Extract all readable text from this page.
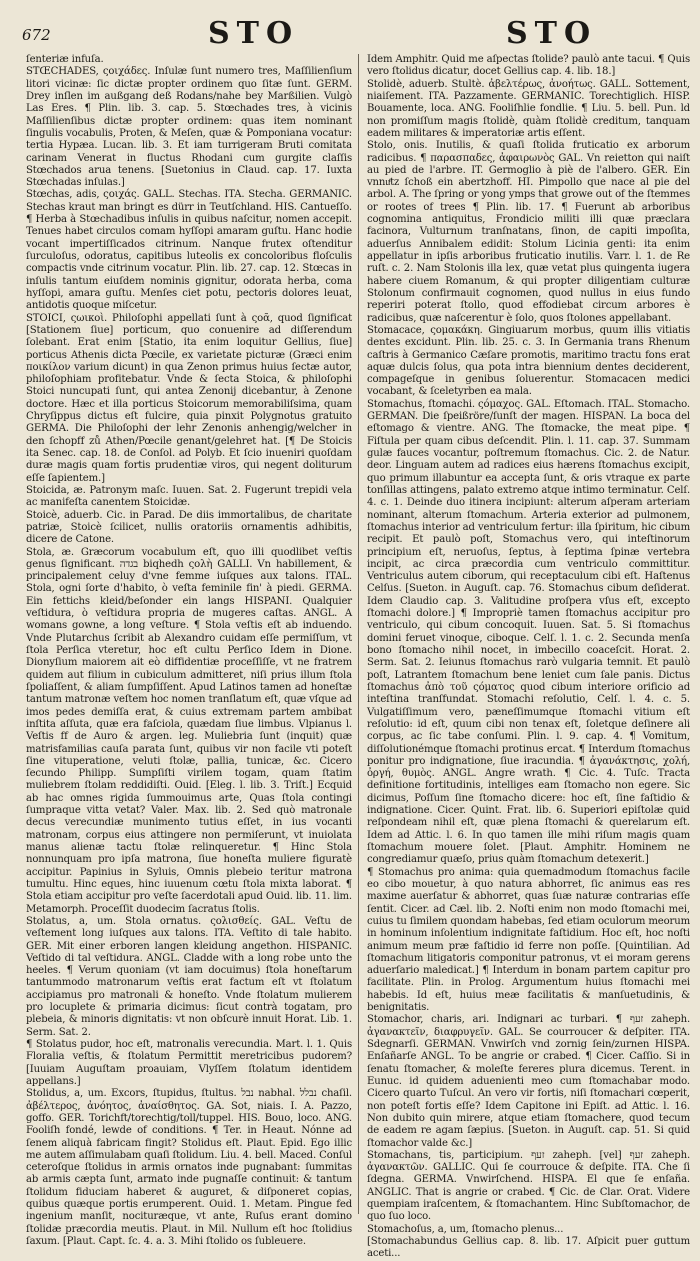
672	STO	STO

ſenteriæ infuſa.

STŒCHADES, ςοιχάδες. Inſulæ ſunt numero tres, Maſſilienſium litori vicinæ: ſic dictæ propter ordinem quo ſitæ ſunt. GERM. Drey inſlen im außgang deß Rodans/nahe bey Marßilien. Vulgò Las Eres. ¶ Plin. lib. 3. cap. 5. Stœchades tres, à vicinis Maſſilienſibus dictæ propter ordinem: quas item nominant ſingulis vocabulis, Proten, & Meſen, quæ & Pomponiana vocatur: tertia Hypæa. Lucan. lib. 3. Et iam turrigeram Bruti comitata carinam Venerat in fluctus Rhodani cum gurgite claſſis Stœchados arua tenens. [Suetonius in Claud. cap. 17. Iuxta Stœchadas inſulas.]

Stœchas, adis, ςοιχάς. GALL. Stechas. ITA. Stecha. GERMANIC. Stechas kraut man bringt es dürr in Teutſchland. HIS. Cantueſſo. ¶ Herba à Stœchadibus inſulis in quibus naſcitur, nomen accepit. Tenues habet circulos comam hyſſopi amaram guſtu. Hanc hodie vocant impertiſſicados citrinum. Nanque frutex oſtenditur ſurculoſus, odoratus, capitibus luteolis ex concoloribus floſculis compactis vnde citrinum vocatur. Plin. lib. 27. cap. 12. Stœcas in inſulis tantum eiuſdem nominis gignitur, odorata herba, coma hyſſopi, amara guſtu. Menſes ciet potu, pectoris dolores leuat, antidotis quoque miſcetur.

STOICI, ςωικοὶ. Philoſophi appellati ſunt à ςοᾶ, quod ſignificat [Stationem ſiue] porticum, quo conuenire ad diſſerendum ſolebant. Erat enim [Statio, ita enim loquitur Gellius, ſiue] porticus Athenis dicta Pœcile, ex varietate picturæ (Græci enim ποικίλον varium dicunt) in qua Zenon primus huius ſectæ autor, philoſophiam profitebatur. Vnde & ſecta Stoica, & philoſophi Stoici nuncupati ſunt, qui antea Zenonij dicebantur, à Zenone doctore. Hæc et illa porticus Stoicorum memorabiliſsima, quam Chryſippus dictus eſt fulcire, quia pinxit Polygnotus gratuito GERMA. Die Philoſophi der lehr Zenonis anhengig/welcher in den ſchopff zů Athen/Pœcile genant/gelehret hat. [¶ De Stoicis ita Senec. cap. 18. de Conſol. ad Polyb. Et ſcio inueniri quoſdam duræ magis quam fortis prudentiæ viros, qui negent doliturum eſſe ſapientem.]

Stoicida, æ. Patronym maſc. Iuuen. Sat. 2. Fugerunt trepidi vela ac manifeſta canentem Stoicidæ.

Stoicè, aduerb. Cic. in Parad. De diis immortalibus, de charitate patriæ, Stoicè ſcilicet, nullis oratoriis ornamentis adhibitis, dicere de Catone.

Stola, æ. Græcorum vocabulum eſt, quo illi quodlibet veſtis genus ſignificant. בגדה biqhedh ςολὴ GALLI. Vn habillement, & principalement celuy d'vne femme iuſques aux talons. ITAL. Stola, ogni ſorte d'habito, ò veſta feminile fin' à piedi. GERMA. Ein fettichs kleid/beſonder ein langs HISPANI. Qualquier veſtidura, ò veſtidura propria de mugeres caſtas. ANGL. A womans gowne, a long veſture. ¶ Stola veſtis eſt ab induendo. Vnde Plutarchus ſcribit ab Alexandro cuidam eſſe permiſſum, vt ſtola Perſica vteretur, hoc eſt cultu Perſico Idem in Dione. Dionyſium maiorem ait eò diffidentiæ proceſſiſſe, vt ne fratrem quidem aut filium in cubiculum admitteret, niſi prius illum ſtola ſpoliaſſent, & aliam ſumpſiſſent. Apud Latinos tamen ad honeſtæ tantum matronæ veſtem hoc nomen tranſlatum eſt, quæ vſque ad imos pedes demiſſa erat, & cuius extremam partem ambibat inſtita aſſuta, quæ era faſciola, quædam ſiue limbus. Vlpianus l. Veſtis ff de Auro & argen. leg. Muliebria ſunt (inquit) quæ matrisfamilias cauſa parata ſunt, quibus vir non facile vti poteſt ſine vituperatione, veluti ſtolæ, pallia, tunicæ, &c. Cicero ſecundo Philipp. Sumpſiſti virilem togam, quam ſtatim muliebrem ſtolam reddidiſti. Ouid. [Eleg. l. lib. 3. Triſt.] Ecquid ab hac omnes rigida ſummouimus arte, Quas ſtola contingi ſumpraque vitta vetat? Valer. Max. lib. 2. Sed quò matronale decus verecundiæ munimento tutius eſſet, in ius vocanti matronam, corpus eius attingere non permiſerunt, vt inuiolata manus alienæ tactu ſtolæ relinqueretur. ¶ Hinc Stola nonnunquam pro ipſa matrona, ſiue honeſta muliere figuratè accipitur. Papinius in Syluis, Omnis plebeio teritur matrona tumultu. Hinc eques, hinc iuuenum cœtu ſtola mixta laborat. ¶ Stola etiam accipitur pro veſte ſacerdotali apud Ouid. lib. 11. lim. Metamorph. Proceſſit duodecim ſacratus ſtolis.

Stolatus, a, um. Stola ornatus. ςολισθείς. GAL. Veſtu de veſtement long iuſques aux talons. ITA. Veſtito di tale habito. GER. Mit einer erboren langen kleidung angethon. HISPANIC. Veſtido di tal veſtidura. ANGL. Cladde with a long robe unto the heeles. ¶ Verum quoniam (vt iam docuimus) ſtola honeſtarum tantummodo matronarum veſtis erat factum eſt vt ſtolatum accipiamus pro matronali & honeſto. Vnde ſtolatum mulierem pro locuplete & primaria dicimus: ſicut contrà togatam, pro plebeia, & minoris dignitatis: vt non obſcurè innuit Horat. Lib. 1. Serm. Sat. 2.

¶ Stolatus pudor, hoc eſt, matronalis verecundia. Mart. l. 1. Quis Floralia veſtis, & ſtolatum Permittit meretricibus pudorem? [Iuuiam Auguſtam proauiam, Vlyſſem ſtolatum identidem appellans.]

Stolidus, a, um. Excors, ſtupidus, ſtultus. נבל nabhal. נבלל chaſil. ἀβέλτερος, ἀνόητος, ἀναίσθητος. GA. Sot, niais. I. A. Pazzo, goffo. GER. Torichft/torechtig/toll/tuppel. HIS. Bouo, loco. ANG. Fooliſh fondé, lewde of conditions. ¶ Ter. in Heaut. Nónne ad ſenem aliquà fabricam fingit? Stolidus eſt. Plaut. Epid. Ego illic me autem aſſimulabam quaſi ſtolidum. Liu. 4. bell. Maced. Conſul ceteroſque ſtolidus in armis ornatos inde pugnabant: ſummitas ab armis cæpta ſunt, armato inde pugnaſſe continuit: & tantum ſtolidum fiduciam haberet & auguret, & diſponeret copias, quibus quæque portis erumperent. Ouid. 1. Metam. Pingue fed ingenium manſit, nocituræque, vt ante, Ruſus erant domino ſtolidæ præcordia meutis. Plaut. in Mil. Nullum eſt hoc ſtolidius ſaxum. [Plaut. Capt. ſc. 4. a. 3. Mihi ſtolido os ſubleuere.

Idem Amphitr. Quid me aſpectas ſtolide? paulò ante tacui. ¶ Quis vero ſtolidus dicatur, docet Gellius cap. 4. lib. 18.]

Stolidè, aduerb. Stultè. ἀβελτέρως, ἀνοήτως. GALL. Sottement, niaiſement. ITA. Pazzamente. GERMANIC. Torechtiglich. HISP. Bouamente, loca. ANG. Fooliſhlie fondlie. ¶ Liu. 5. bell. Pun. ld non promiſſum magis ſtolidè, quàm ſtolidè creditum, tanquam eadem militares & imperatoriæ artis eſſent.

Stolo, onis. Inutilis, & quaſi ſtolida fruticatio ex arborum radicibus. ¶ παρασπαδες, ἀφαιρωνὸς GAL. Vn reietton qui naiſt au pied de l'arbre. IT. Germoglio à piè de l'albero. GER. Ein vnnuͤtz ſchoß ein abertzhoff. HI. Pimpollo que nace al pie del arbol. A. The ſpring or yong ymps that growe out of the ſtemmes or rootes of trees ¶ Plin. lib. 17. ¶ Fuerunt ab arboribus cognomina antiquitus, Frondicio militi illi quæ præclara facinora, Vulturnum tranſnatans, ſinon, de capiti impoſita, aduerſus Annibalem edidit: Stolum Licinia genti: ita enim appellatur in ipſis arboribus fruticatio inutilis. Varr. l. 1. de Re ruſt. c. 2. Nam Stolonis illa lex, quæ vetat plus quingenta iugera habere ciuem Romanum, & qui propter diligentiam culturæ Stolonum confirmauit cognomen, quod nullus in eius fundo reperiri poterat ſtollo, quod effodiebat circum arbores è radicibus, quæ naſcerentur è ſolo, quos ſtolones appellabant.

Stomacace, ςομακάκη. Gingiuarum morbus, quum illis vitiatis dentes excidunt. Plin. lib. 25. c. 3. In Germania trans Rhenum caſtris à Germanico Cæſare promotis, maritimo tractu fons erat aquæ dulcis ſolus, qua pota intra biennium dentes deciderent, compageſque in genibus ſoluerentur. Stomacacen medici vocabant, & ſceletyrben ea mala.

Stomachus, ſtomachi. ςόμαχος. GAL. Eſtomach. ITAL. Stomacho. GERMAN. Die ſpeißröre/ſunſt der magen. HISPAN. La boca del eſtomago & vientre. ANG. The ſtomacke, the meat pipe. ¶ Fiſtula per quam cibus deſcendit. Plin. l. 11. cap. 37. Summam gulæ fauces vocantur, poſtremum ſtomachus. Cic. 2. de Natur. deor. Linguam autem ad radices eius hærens ſtomachus excipit, quo primum illabuntur ea accepta ſunt, & oris vtraque ex parte tonſillas attingens, palato extremo atque intimo terminatur. Celſ. 4. c. 1. Deinde duo itinera incipiunt: alterum aſperam arteriam nominant, alterum ſtomachum. Arteria exterior ad pulmonem, ſtomachus interior ad ventriculum fertur: illa ſpiritum, hic cibum recipit. Et paulò poſt, Stomachus vero, qui inteſtinorum principium eſt, neruoſus, ſeptus, à ſeptima ſpinæ vertebra incipit, ac circa præcordia cum ventriculo committitur. Ventriculus autem ciborum, qui receptaculum cibi eſt. Haſtenus Celſus. [Sueton. in Auguſt. cap. 76. Stomachus cibum deſiderat. Idem Claudio cap. 3. Valitudine proſpera vſus eſt, excepto ſtomachi dolore.] ¶ Impropriè tamen ſtomachus accipitur pro ventriculo, qui cibum concoquit. Iuuen. Sat. 5. Si ſtomachus domini feruet vinoque, ciboque. Celſ. l. 1. c. 2. Secunda menſa bono ſtomacho nihil nocet, in imbecillo coaceſcit. Horat. 2. Serm. Sat. 2. Ieiunus ſtomachus rarò vulgaria temnit. Et paulò poſt, Latrantem ſtomachum bene leniet cum ſale panis. Dictus ſtomachus ἀπὸ τοῦ ςόματος quod cibum interiore orificio ad inteſtina tranſfundat. Stomachi reſolutio, Celſ. l. 4. c. 5. Vulgatiſſimum vero, pæneſſimumque ſtomachi vitium eſt reſolutio: id eſt, quum cibi non tenax eſt, ſoletque deſinere ali corpus, ac ſic tabe conſumi. Plin. l. 9. cap. 4. ¶ Vomitum, diſſolutionémque ſtomachi protinus ercat. ¶ Interdum ſtomachus ponitur pro indignatione, ſiue iracundia. ¶ ἀγανάκτησις, χολή, ὀργή, θυμὸς. ANGL. Angre wrath. ¶ Cic. 4. Tuſc. Tracta definitione fortitudinis, intelliges eam ſtomacho non egere. Sic dicimus, Poſſum ſine ſtomacho dicere: hoc eſt, ſine faſtidio & indignatione. Cicer. Quint. Frat. lib. 6. Superiori epiſtolæ quid reſpondeam nihil eſt, quæ plena ſtomachi & querelarum eſt. Idem ad Attic. l. 6. In quo tamen ille mihi riſum magis quam ſtomachum mouere ſolet. [Plaut. Amphitr. Hominem ne congrediamur quæſo, prius quàm ſtomachum detexerit.]

¶ Stomachus pro anima: quia quemadmodum ſtomachus facile eo cibo mouetur, à quo natura abhorret, ſic animus eas res maxime auerſatur & abhorret, quas ſuæ naturæ contrarias eſſe ſentit. Cicer. ad Cæl. lib. 2. Noſti enim non modo ſtomachi mei, cuius tu ſimilem quondam habebas, ſed etiam oculorum meorum in hominum inſolentium indignitate faſtidium. Hoc eſt, hoc noſti animum meum præ faſtidio id ferre non poſſe. [Quintilian. Ad ſtomachum litigatoris componitur patronus, vt ei moram gerens aduerſario maledicat.] ¶ Interdum in bonam partem capitur pro facilitate. Plin. in Prolog. Argumentum huius ſtomachi mei habebis. Id eſt, huius meæ facilitatis & manſuetudinis, & benignitatis.

Stomachor, charis, ari. Indignari ac turbari. ¶ זעף zaheph. ἀγανακτεῖν, διαφρυγεῖν. GAL. Se courroucer & deſpiter. ITA. Sdegnarſi. GERMAN. Vnwirſch vnd zornig ſein/zurnen HISPA. Enſañarſe ANGL. To be angrie or crabed. ¶ Cicer. Caſſio. Si in ſenatu ſtomacher, & moleſte fereres plura dicemus. Terent. in Eunuc. id quidem aduenienti meo cum ſtomachabar modo. Cicero quarto Tuſcul. An vero vir fortis, niſi ſtomachari cœperit, non poteſt fortis eſſe? Idem Capitone ini Epiſt. ad Attic. l. 16. Non dubito quin mirere, atque etiam ſtomachere, quod tecum de eadem re agam ſæpius. [Sueton. in Auguſt. cap. 51. Si quid ſtomachor valde &c.]

Stomachans, tis, participium. זעף zaheph. [vel] זעף zaheph. ἀγανακτῶν. GALLIC. Qui ſe courrouce & deſpite. ITA. Che ſi ſdegna. GERMA. Vnwirſchend. HISPA. El que ſe enſaña. ANGLIC. That is angrie or crabed. ¶ Cic. de Clar. Orat. Videre quempiam iraſcentem, & ſtomachantem. Hinc Subſtomachor, de quo ſuo loco.

Stomachoſus, a, um, ſtomacho plenus...

[Stomachabundus Gellius cap. 8. lib. 17. Aſpicit puer guttum aceti...
